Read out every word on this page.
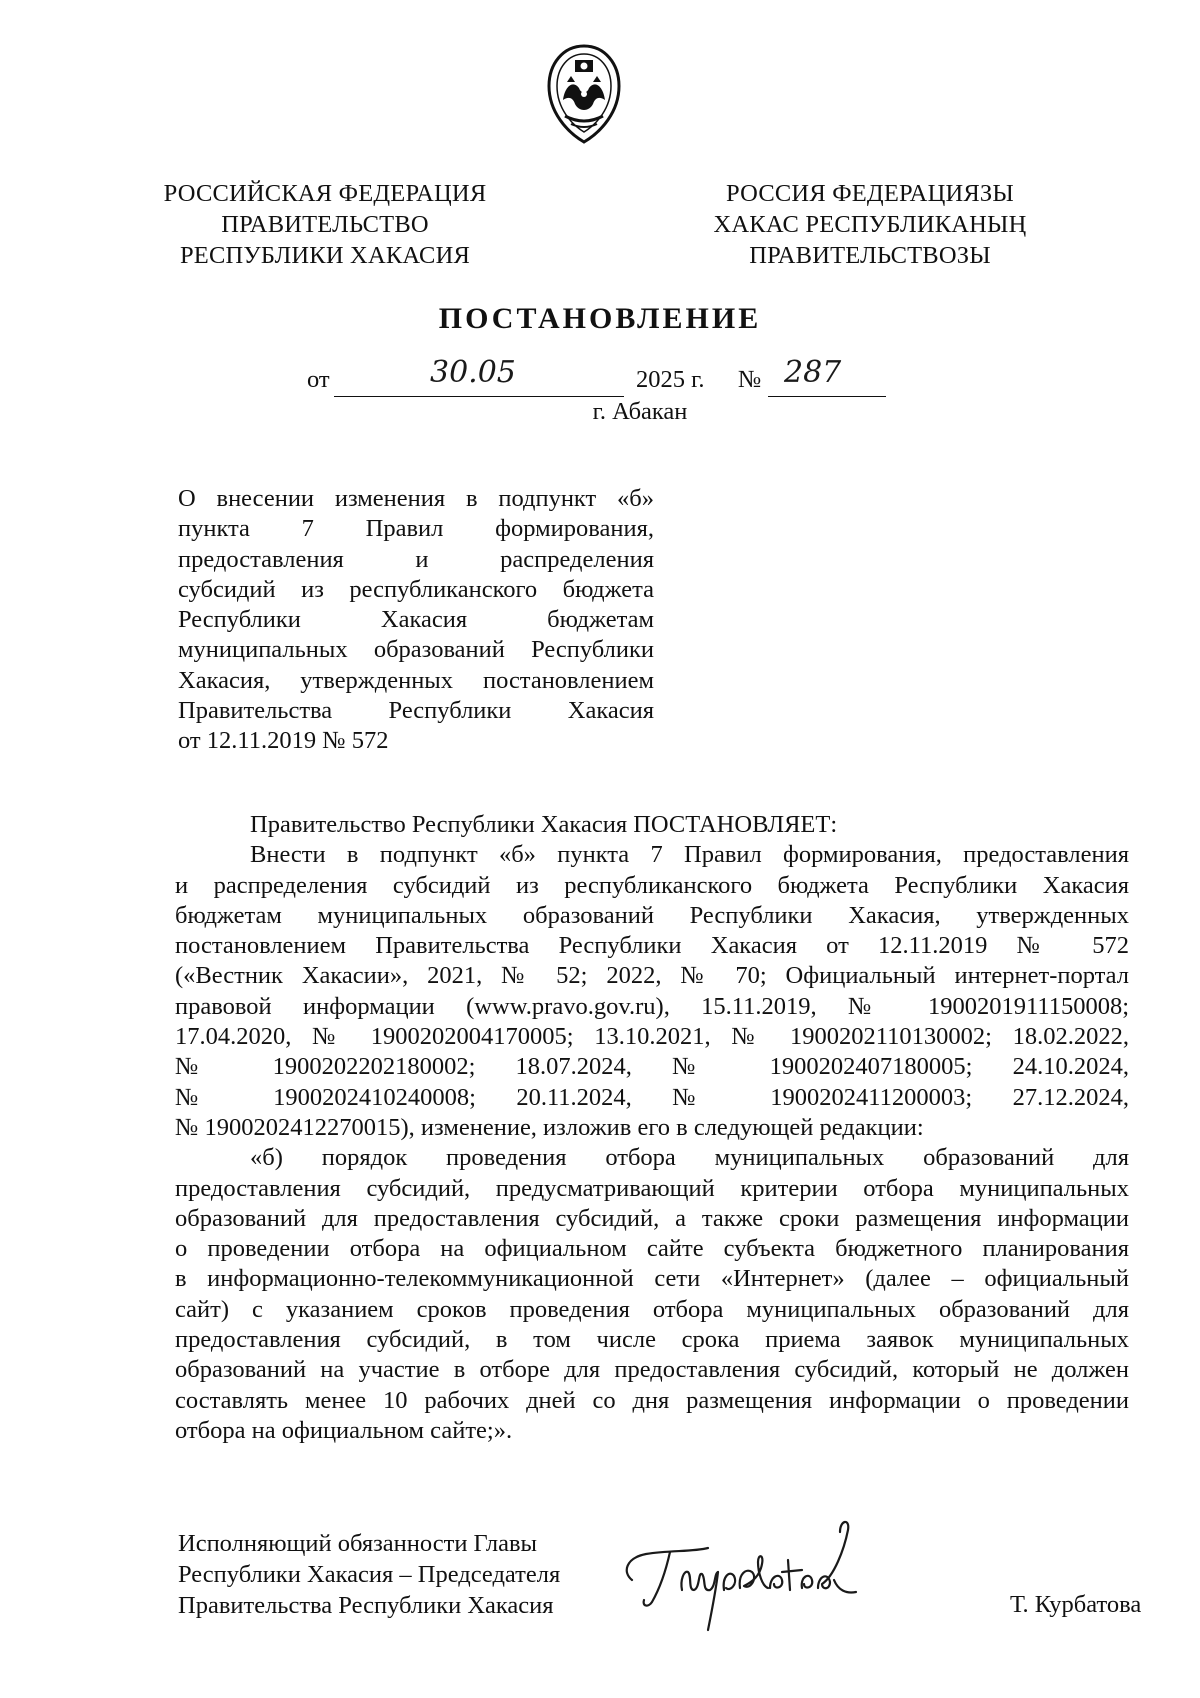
РОССИЙСКАЯ ФЕДЕРАЦИЯ
ПРАВИТЕЛЬСТВО
РЕСПУБЛИКИ ХАКАСИЯ
РОССИЯ ФЕДЕРАЦИЯЗЫ
ХАКАС РЕСПУБЛИКАНЫҢ
ПРАВИТЕЛЬСТВОЗЫ
ПОСТАНОВЛЕНИЕ
от	30.05	2025 г. № 287
г. Абакан
О внесении изменения в подпункт «б»
пункта 7 Правил формирования,
предоставления и распределения
субсидий из республиканского бюджета
Республики Хакасия бюджетам
муниципальных образований Республики
Хакасия, утвержденных постановлением
Правительства Республики Хакасия
от 12.11.2019 № 572
Правительство Республики Хакасия ПОСТАНОВЛЯЕТ:
Внести в подпункт «б» пункта 7 Правил формирования, предоставления
и распределения субсидий из республиканского бюджета Республики Хакасия
бюджетам муниципальных образований Республики Хакасия, утвержденных
постановлением Правительства Республики Хакасия от 12.11.2019 № 572
(«Вестник Хакасии», 2021, № 52; 2022, № 70; Официальный интернет-портал
правовой информации (www.pravo.gov.ru), 15.11.2019, № 1900201911150008;
17.04.2020, № 1900202004170005; 13.10.2021, № 1900202110130002; 18.02.2022,
№ 1900202202180002; 18.07.2024, № 1900202407180005; 24.10.2024,
№ 1900202410240008; 20.11.2024, № 1900202411200003; 27.12.2024,
№ 1900202412270015), изменение, изложив его в следующей редакции:
«б) порядок проведения отбора муниципальных образований для
предоставления субсидий, предусматривающий критерии отбора муниципальных
образований для предоставления субсидий, а также сроки размещения информации
о проведении отбора на официальном сайте субъекта бюджетного планирования
в информационно-телекоммуникационной сети «Интернет» (далее – официальный
сайт) с указанием сроков проведения отбора муниципальных образований для
предоставления субсидий, в том числе срока приема заявок муниципальных
образований на участие в отборе для предоставления субсидий, который не должен
составлять менее 10 рабочих дней со дня размещения информации о проведении
отбора на официальном сайте;».
Исполняющий обязанности Главы
Республики Хакасия – Председателя
Правительства Республики Хакасия	Т. Курбатова
